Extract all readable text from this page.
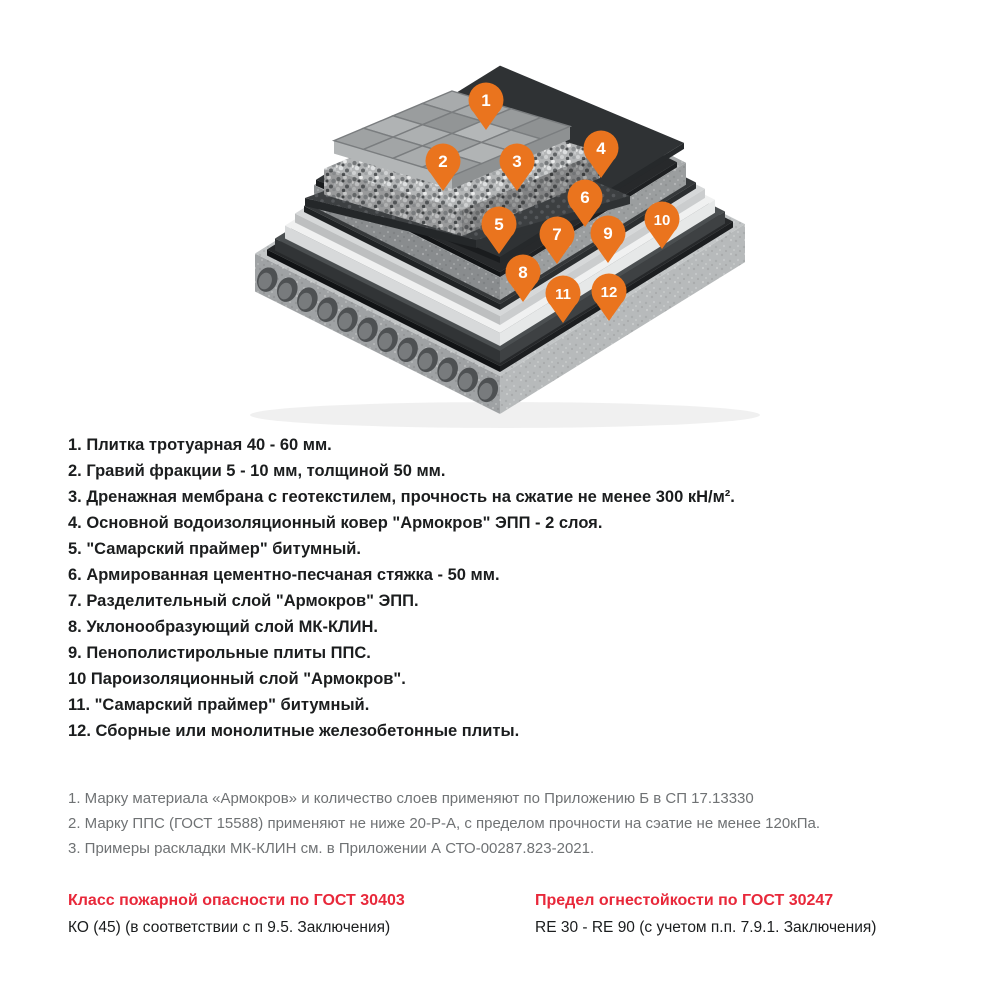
1
2	3
4
5
6
7
8
9
10
11 12
1. Плитка тротуарная 40 - 60 мм.
2. Гравий фракции 5 - 10 мм, толщиной 50 мм.
3. Дренажная мембрана с геотекстилем, прочность на сжатие не менее 300 кН/м².
4. Основной водоизоляционный ковер "Армокров" ЭПП - 2 слоя.
5. "Самарский праймер" битумный.
6. Армированная цементно-песчаная стяжка - 50 мм.
7. Разделительный слой "Армокров" ЭПП.
8. Уклонообразующий слой МК-КЛИН.
9. Пенополистирольные плиты ППС.
10 Пароизоляционный слой "Армокров".
11. "Самарский праймер" битумный.
12. Сборные или монолитные железобетонные плиты.

1. Марку материала «Армокров» и количество слоев применяют по Приложению Б в СП 17.13330

2. Марку ППС (ГОСТ 15588) применяют не ниже 20-Р-А, с пределом прочности на сэатие не менее 120кПа.

3. Примеры раскладки МК-КЛИН см. в Приложении А СТО-00287.823-2021.

Класс пожарной опасности по ГОСТ 30403
КО (45) (в соответствии с п 9.5. Заключения)
Предел огнестойкости по ГОСТ 30247
RE 30 - RE 90 (с учетом п.п. 7.9.1. Заключения)
